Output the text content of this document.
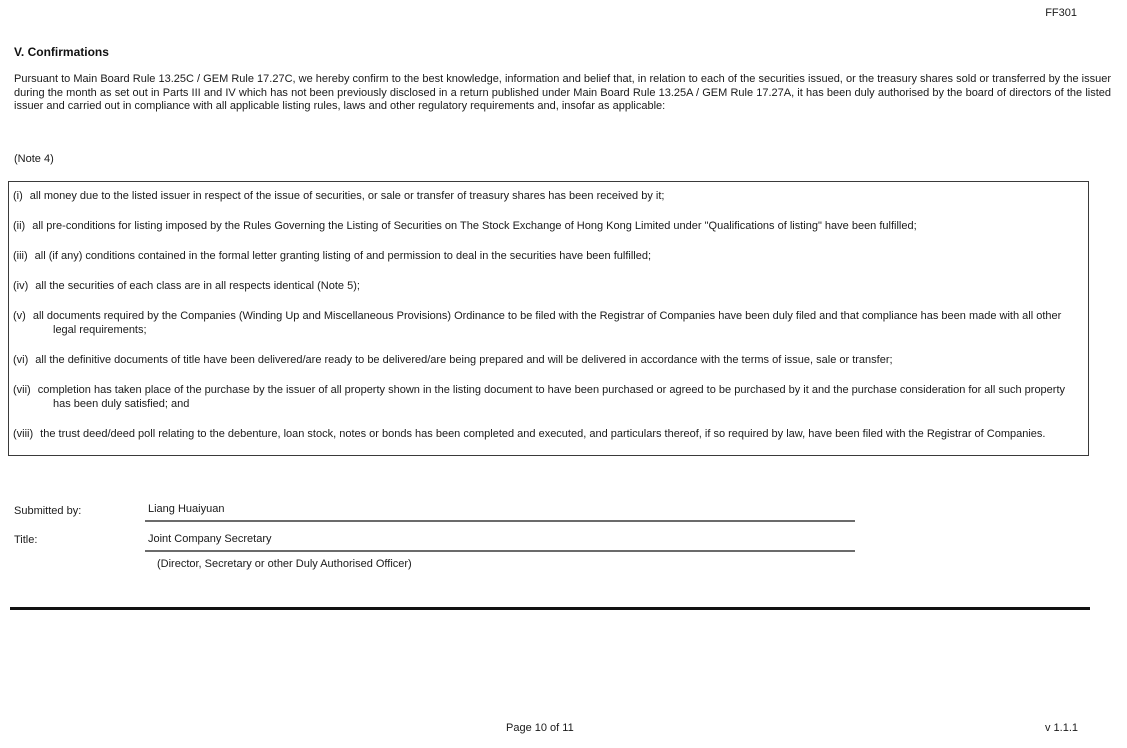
FF301
V. Confirmations

Pursuant to Main Board Rule 13.25C / GEM Rule 17.27C, we hereby confirm to the best knowledge, information and belief that, in relation to each of the securities issued, or the treasury shares sold or transferred by the issuer during the month as set out in Parts III and IV which has not been previously disclosed in a return published under Main Board Rule 13.25A / GEM Rule 17.27A, it has been duly authorised by the board of directors of the listed issuer and carried out in compliance with all applicable listing rules, laws and other regulatory requirements and, insofar as applicable:

(Note 4)

(i) all money due to the listed issuer in respect of the issue of securities, or sale or transfer of treasury shares has been received by it;

(ii) all pre-conditions for listing imposed by the Rules Governing the Listing of Securities on The Stock Exchange of Hong Kong Limited under "Qualifications of listing" have been fulfilled;

(iii) all (if any) conditions contained in the formal letter granting listing of and permission to deal in the securities have been fulfilled;

(iv) all the securities of each class are in all respects identical (Note 5);

(v) all documents required by the Companies (Winding Up and Miscellaneous Provisions) Ordinance to be filed with the Registrar of Companies have been duly filed and that compliance has been made with all other legal requirements;

(vi) all the definitive documents of title have been delivered/are ready to be delivered/are being prepared and will be delivered in accordance with the terms of issue, sale or transfer;

(vii) completion has taken place of the purchase by the issuer of all property shown in the listing document to have been purchased or agreed to be purchased by it and the purchase consideration for all such property has been duly satisfied; and

(viii) the trust deed/deed poll relating to the debenture, loan stock, notes or bonds has been completed and executed, and particulars thereof, if so required by law, have been filed with the Registrar of Companies.

Submitted by:	Liang Huaiyuan
Title:	Joint Company Secretary
(Director, Secretary or other Duly Authorised Officer)
Page 10 of 11	v 1.1.1
